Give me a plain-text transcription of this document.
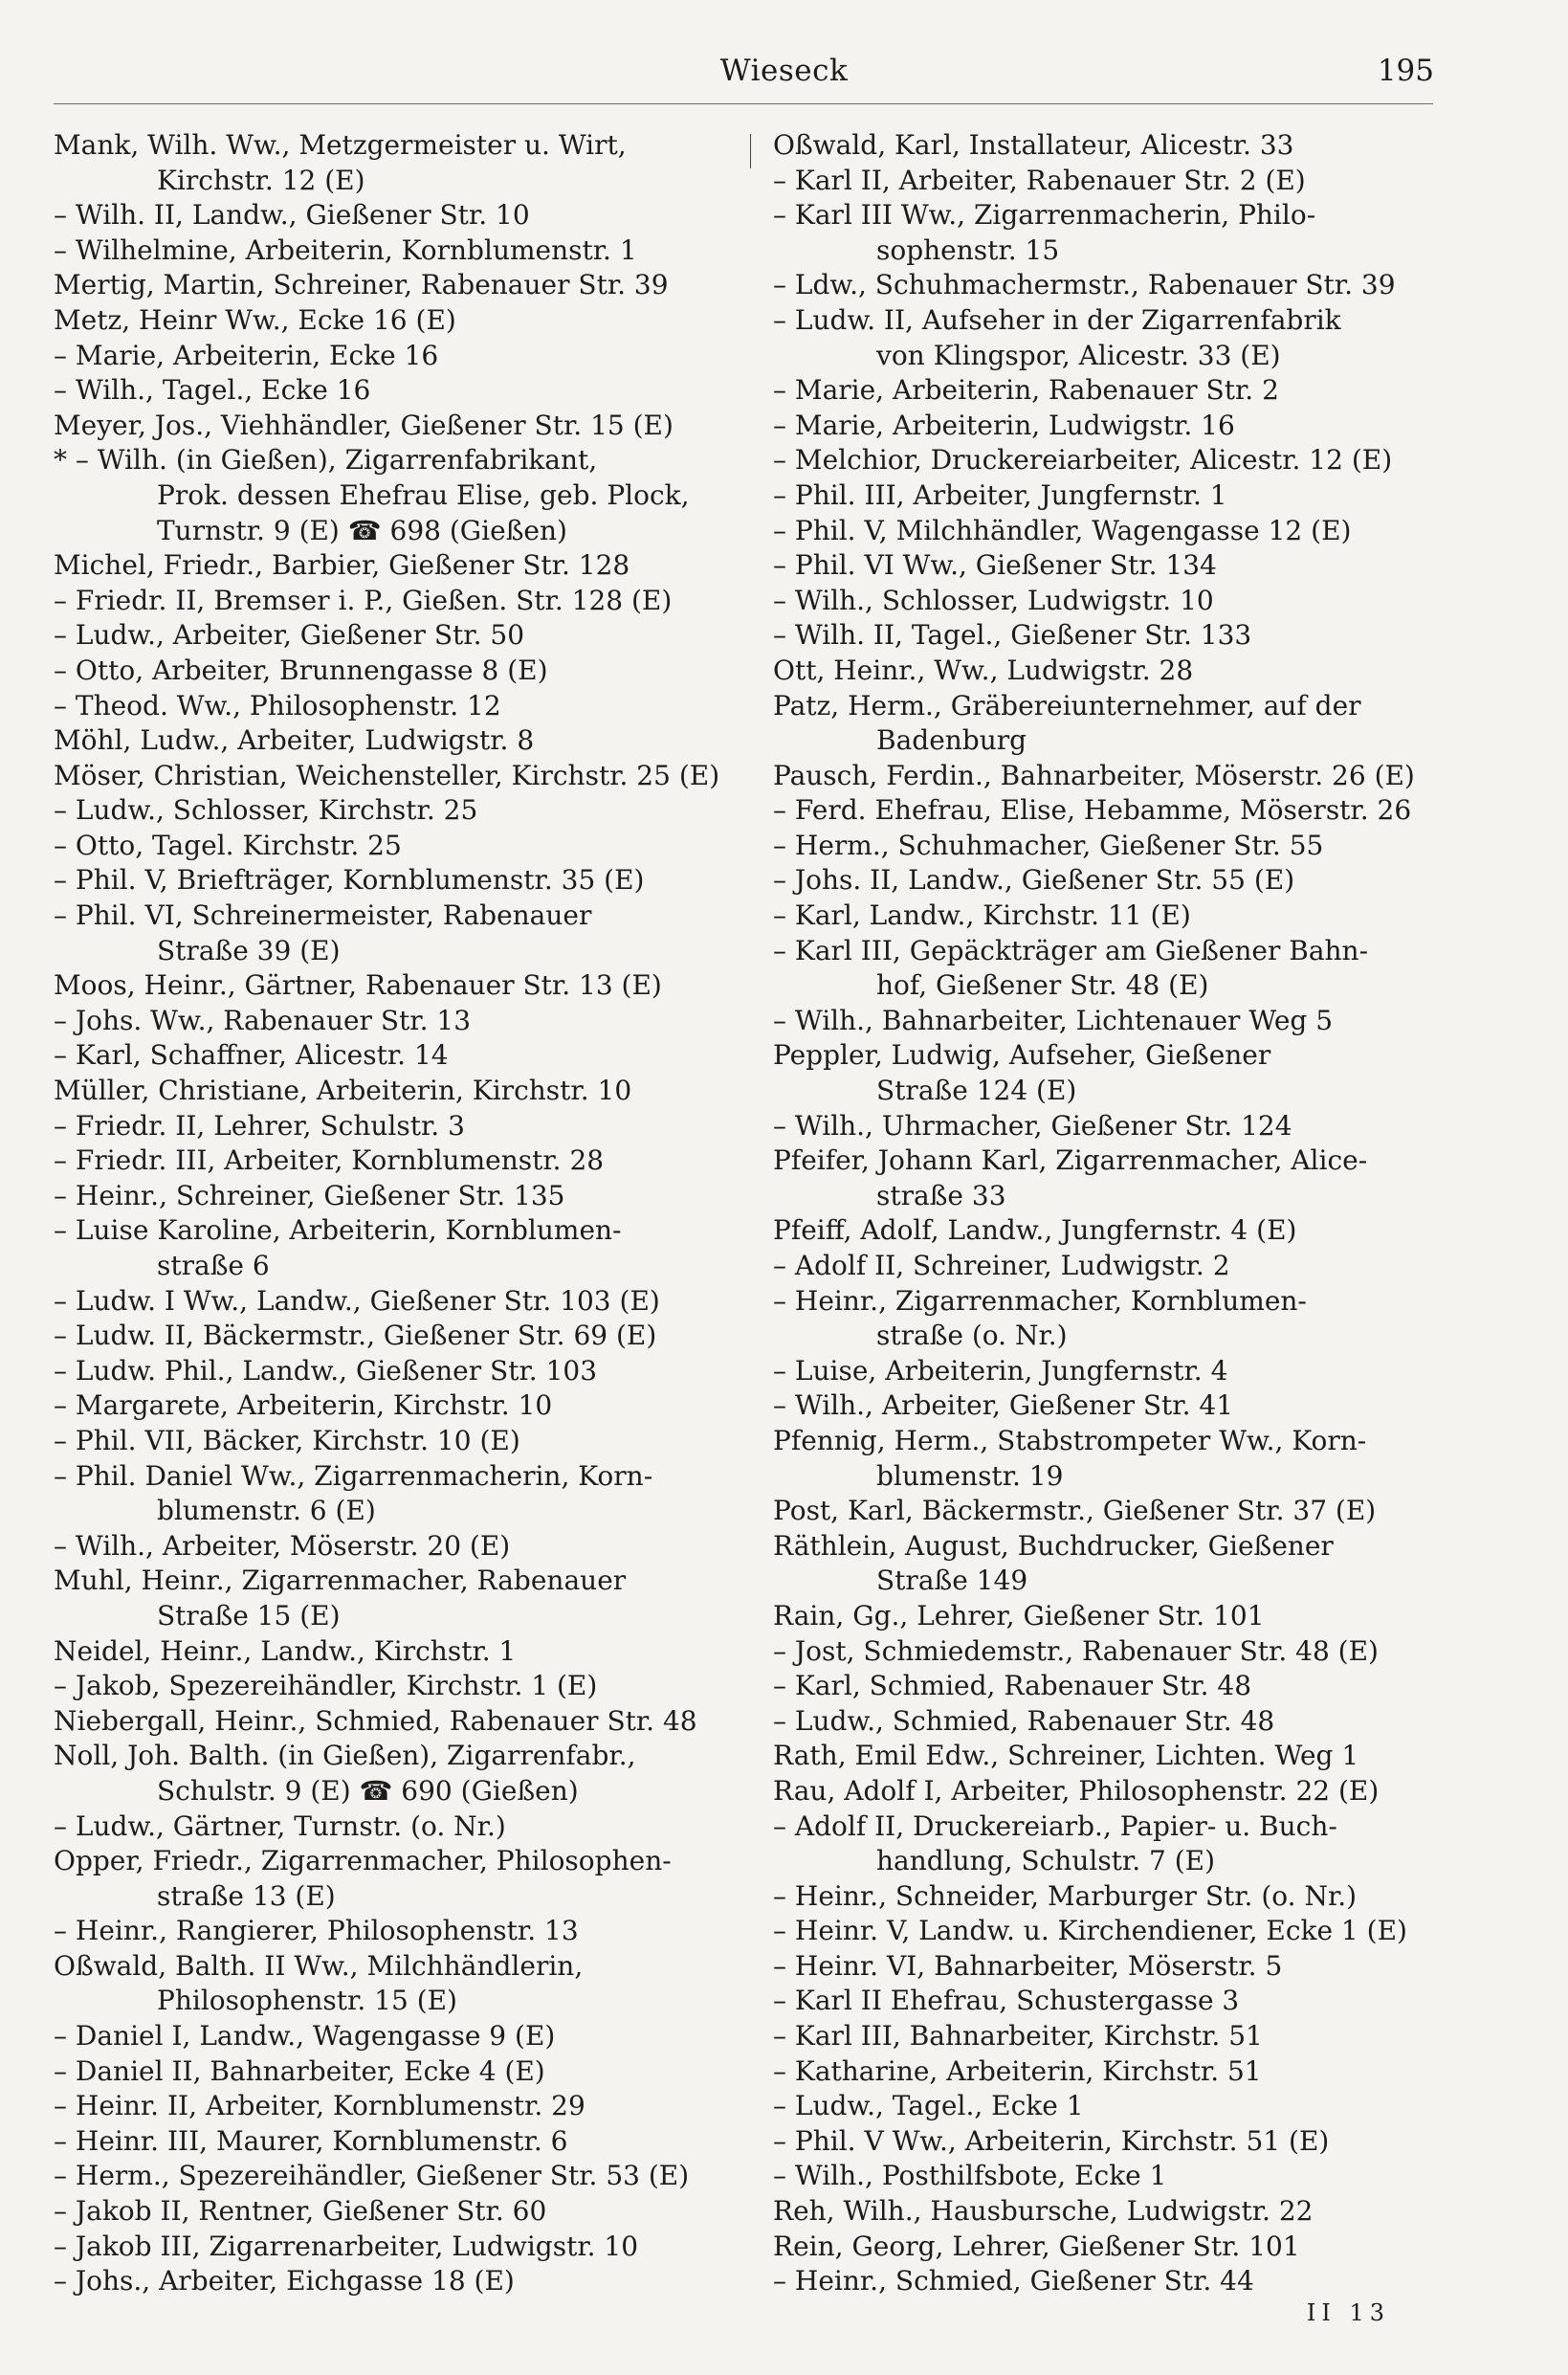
Wieseck	195
Mank, Wilh. Ww., Metzgermeister u. Wirt,
Kirchstr. 12 (E)
– Wilh. II, Landw., Gießener Str. 10
– Wilhelmine, Arbeiterin, Kornblumenstr. 1
Mertig, Martin, Schreiner, Rabenauer Str. 39
Metz, Heinr Ww., Ecke 16 (E)
– Marie, Arbeiterin, Ecke 16
– Wilh., Tagel., Ecke 16
Meyer, Jos., Viehhändler, Gießener Str. 15 (E)
* – Wilh. (in Gießen), Zigarrenfabrikant,
Prok. dessen Ehefrau Elise, geb. Plock,
Turnstr. 9 (E) ☎ 698 (Gießen)
Michel, Friedr., Barbier, Gießener Str. 128
– Friedr. II, Bremser i. P., Gießen. Str. 128 (E)
– Ludw., Arbeiter, Gießener Str. 50
– Otto, Arbeiter, Brunnengasse 8 (E)
– Theod. Ww., Philosophenstr. 12
Möhl, Ludw., Arbeiter, Ludwigstr. 8
Möser, Christian, Weichensteller, Kirchstr. 25 (E)
– Ludw., Schlosser, Kirchstr. 25
– Otto, Tagel. Kirchstr. 25
– Phil. V, Briefträger, Kornblumenstr. 35 (E)
– Phil. VI, Schreinermeister, Rabenauer
Straße 39 (E)
Moos, Heinr., Gärtner, Rabenauer Str. 13 (E)
– Johs. Ww., Rabenauer Str. 13
– Karl, Schaffner, Alicestr. 14
Müller, Christiane, Arbeiterin, Kirchstr. 10
– Friedr. II, Lehrer, Schulstr. 3
– Friedr. III, Arbeiter, Kornblumenstr. 28
– Heinr., Schreiner, Gießener Str. 135
– Luise Karoline, Arbeiterin, Kornblumen-
straße 6
– Ludw. I Ww., Landw., Gießener Str. 103 (E)
– Ludw. II, Bäckermstr., Gießener Str. 69 (E)
– Ludw. Phil., Landw., Gießener Str. 103
– Margarete, Arbeiterin, Kirchstr. 10
– Phil. VII, Bäcker, Kirchstr. 10 (E)
– Phil. Daniel Ww., Zigarrenmacherin, Korn-
blumenstr. 6 (E)
– Wilh., Arbeiter, Möserstr. 20 (E)
Muhl, Heinr., Zigarrenmacher, Rabenauer
Straße 15 (E)
Neidel, Heinr., Landw., Kirchstr. 1
– Jakob, Spezereihändler, Kirchstr. 1 (E)
Niebergall, Heinr., Schmied, Rabenauer Str. 48
Noll, Joh. Balth. (in Gießen), Zigarrenfabr.,
Schulstr. 9 (E) ☎ 690 (Gießen)
– Ludw., Gärtner, Turnstr. (o. Nr.)
Opper, Friedr., Zigarrenmacher, Philosophen-
straße 13 (E)
– Heinr., Rangierer, Philosophenstr. 13
Oßwald, Balth. II Ww., Milchhändlerin,
Philosophenstr. 15 (E)
– Daniel I, Landw., Wagengasse 9 (E)
– Daniel II, Bahnarbeiter, Ecke 4 (E)
– Heinr. II, Arbeiter, Kornblumenstr. 29
– Heinr. III, Maurer, Kornblumenstr. 6
– Herm., Spezereihändler, Gießener Str. 53 (E)
– Jakob II, Rentner, Gießener Str. 60
– Jakob III, Zigarrenarbeiter, Ludwigstr. 10
– Johs., Arbeiter, Eichgasse 18 (E)
Oßwald, Karl, Installateur, Alicestr. 33
– Karl II, Arbeiter, Rabenauer Str. 2 (E)
– Karl III Ww., Zigarrenmacherin, Philo-
sophenstr. 15
– Ldw., Schuhmachermstr., Rabenauer Str. 39
– Ludw. II, Aufseher in der Zigarrenfabrik
von Klingspor, Alicestr. 33 (E)
– Marie, Arbeiterin, Rabenauer Str. 2
– Marie, Arbeiterin, Ludwigstr. 16
– Melchior, Druckereiarbeiter, Alicestr. 12 (E)
– Phil. III, Arbeiter, Jungfernstr. 1
– Phil. V, Milchhändler, Wagengasse 12 (E)
– Phil. VI Ww., Gießener Str. 134
– Wilh., Schlosser, Ludwigstr. 10
– Wilh. II, Tagel., Gießener Str. 133
Ott, Heinr., Ww., Ludwigstr. 28
Patz, Herm., Gräbereiunternehmer, auf der
Badenburg
Pausch, Ferdin., Bahnarbeiter, Möserstr. 26 (E)
– Ferd. Ehefrau, Elise, Hebamme, Möserstr. 26
– Herm., Schuhmacher, Gießener Str. 55
– Johs. II, Landw., Gießener Str. 55 (E)
– Karl, Landw., Kirchstr. 11 (E)
– Karl III, Gepäckträger am Gießener Bahn-
hof, Gießener Str. 48 (E)
– Wilh., Bahnarbeiter, Lichtenauer Weg 5
Peppler, Ludwig, Aufseher, Gießener
Straße 124 (E)
– Wilh., Uhrmacher, Gießener Str. 124
Pfeifer, Johann Karl, Zigarrenmacher, Alice-
straße 33
Pfeiff, Adolf, Landw., Jungfernstr. 4 (E)
– Adolf II, Schreiner, Ludwigstr. 2
– Heinr., Zigarrenmacher, Kornblumen-
straße (o. Nr.)
– Luise, Arbeiterin, Jungfernstr. 4
– Wilh., Arbeiter, Gießener Str. 41
Pfennig, Herm., Stabstrompeter Ww., Korn-
blumenstr. 19
Post, Karl, Bäckermstr., Gießener Str. 37 (E)
Räthlein, August, Buchdrucker, Gießener
Straße 149
Rain, Gg., Lehrer, Gießener Str. 101
– Jost, Schmiedemstr., Rabenauer Str. 48 (E)
– Karl, Schmied, Rabenauer Str. 48
– Ludw., Schmied, Rabenauer Str. 48
Rath, Emil Edw., Schreiner, Lichten. Weg 1
Rau, Adolf I, Arbeiter, Philosophenstr. 22 (E)
– Adolf II, Druckereiarb., Papier- u. Buch-
handlung, Schulstr. 7 (E)
– Heinr., Schneider, Marburger Str. (o. Nr.)
– Heinr. V, Landw. u. Kirchendiener, Ecke 1 (E)
– Heinr. VI, Bahnarbeiter, Möserstr. 5
– Karl II Ehefrau, Schustergasse 3
– Karl III, Bahnarbeiter, Kirchstr. 51
– Katharine, Arbeiterin, Kirchstr. 51
– Ludw., Tagel., Ecke 1
– Phil. V Ww., Arbeiterin, Kirchstr. 51 (E)
– Wilh., Posthilfsbote, Ecke 1
Reh, Wilh., Hausbursche, Ludwigstr. 22
Rein, Georg, Lehrer, Gießener Str. 101
– Heinr., Schmied, Gießener Str. 44
II 13
